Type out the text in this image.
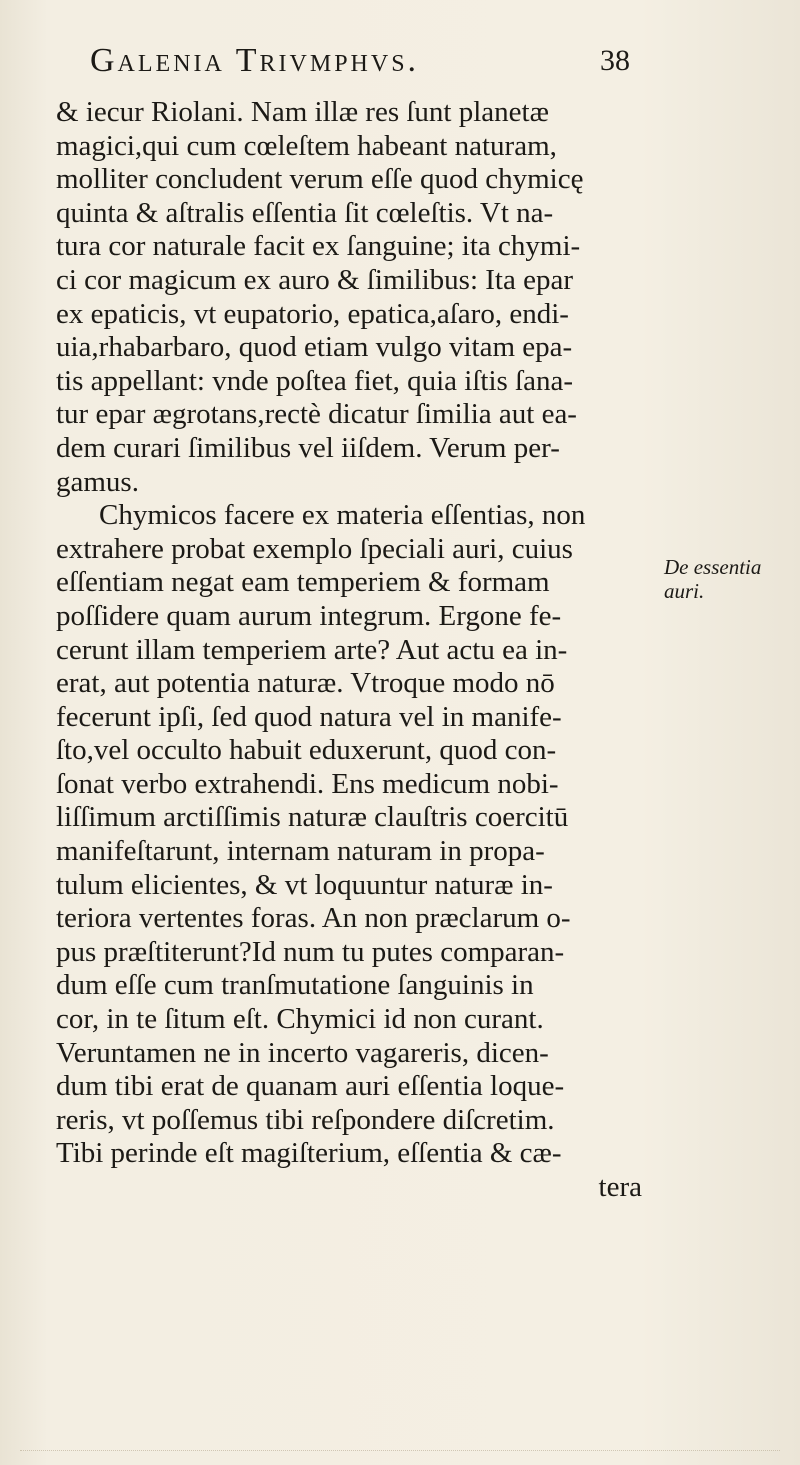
Galenia Trivmphvs.	38
& iecur Riolani. Nam illæ res ſunt planetæ
magici,qui cum cœleſtem habeant naturam,
molliter concludent verum eſſe quod chymicę
quinta & aſtralis eſſentia ſit cœleſtis. Vt na-
tura cor naturale facit ex ſanguine; ita chymi-
ci cor magicum ex auro & ſimilibus: Ita epar
ex epaticis, vt eupatorio, epatica,aſaro, endi-
uia,rhabarbaro, quod etiam vulgo vitam epa-
tis appellant: vnde poſtea fiet, quia iſtis ſana-
tur epar ægrotans,rectè dicatur ſimilia aut ea-
dem curari ſimilibus vel iiſdem. Verum per-
gamus.
Chymicos facere ex materia eſſentias, non
extrahere probat exemplo ſpeciali auri, cuius
eſſentiam negat eam temperiem & formam
poſſidere quam aurum integrum. Ergone fe-
cerunt illam temperiem arte? Aut actu ea in-
erat, aut potentia naturæ. Vtroque modo nō
fecerunt ipſi, ſed quod natura vel in manife-
ſto,vel occulto habuit eduxerunt, quod con-
ſonat verbo extrahendi. Ens medicum nobi-
liſſimum arctiſſimis naturæ clauſtris coercitū
manifeſtarunt, internam naturam in propa-
tulum elicientes, & vt loquuntur naturæ in-
teriora vertentes foras. An non præclarum o-
pus præſtiterunt?Id num tu putes comparan-
dum eſſe cum tranſmutatione ſanguinis in
cor, in te ſitum eſt. Chymici id non curant.
Veruntamen ne in incerto vagareris, dicen-
dum tibi erat de quanam auri eſſentia loque-
reris, vt poſſemus tibi reſpondere diſcretim.
Tibi perinde eſt magiſterium, eſſentia & cæ-
tera
De essentia
auri.
